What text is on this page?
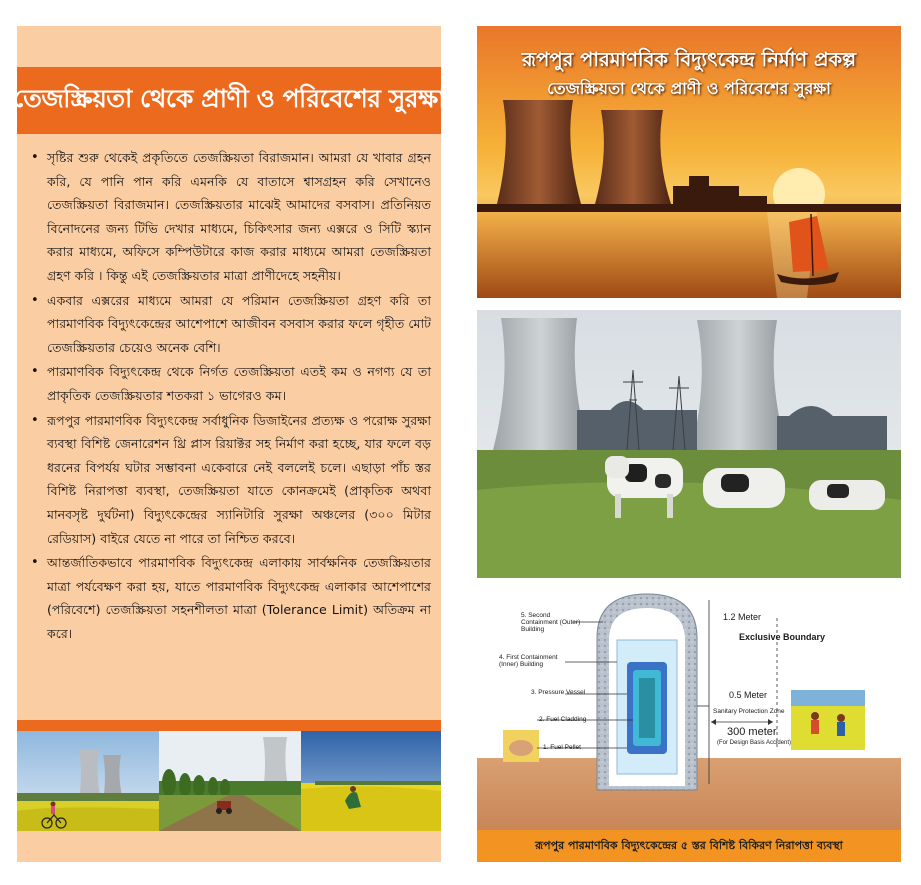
তেজস্ক্রিয়তা থেকে প্রাণী ও পরিবেশের সুরক্ষা
• সৃষ্টির শুরু থেকেই প্রকৃতিতে তেজস্ক্রিয়তা বিরাজমান। আমরা যে খাবার গ্রহন করি, যে পানি পান করি এমনকি যে বাতাসে শ্বাসগ্রহন করি সেখানেও তেজস্ক্রিয়তা বিরাজমান। তেজস্ক্রিয়তার মাঝেই আমাদের বসবাস। প্রতিনিয়ত বিনোদনের জন্য টিভি দেখার মাধ্যমে, চিকিৎসার জন্য এক্সরে ও সিটি স্ক্যান করার মাধ্যমে, অফিসে কম্পিউটারে কাজ করার মাধ্যমে আমরা তেজস্ক্রিয়তা গ্রহণ করি । কিন্তু এই তেজস্ক্রিয়তার মাত্রা প্রাণীদেহে সহনীয়।
• একবার এক্সরের মাধ্যমে আমরা যে পরিমান তেজস্ক্রিয়তা গ্রহণ করি তা পারমাণবিক বিদ্যুৎকেন্দ্রের আশেপাশে আজীবন বসবাস করার ফলে গৃহীত মোট তেজস্ক্রিয়তার চেয়েও অনেক বেশি।
• পারমাণবিক বিদ্যুৎকেন্দ্র থেকে নির্গত তেজস্ক্রিয়তা এতই কম ও নগণ্য যে তা প্রাকৃতিক তেজস্ক্রিয়তার শতকরা ১ ভাগেরও কম।
• রূপপুর পারমাণবিক বিদ্যুৎকেন্দ্র সর্বাধুনিক ডিজাইনের প্রত্যক্ষ ও পরোক্ষ সুরক্ষা ব্যবস্থা বিশিষ্ট জেনারেশন থ্রি প্লাস রিয়াক্টর সহ নির্মাণ করা হচ্ছে, যার ফলে বড় ধরনের বিপর্যয় ঘটার সম্ভাবনা একেবারে নেই বললেই চলে। এছাড়া পাঁচ স্তর বিশিষ্ট নিরাপত্তা ব্যবস্থা, তেজস্ক্রিয়তা যাতে কোনক্রমেই (প্রাকৃতিক অথবা মানবসৃষ্ট দুর্ঘটনা) বিদ্যুৎকেন্দ্রের স্যানিটারি সুরক্ষা অঞ্চলের (৩০০ মিটার রেডিয়াস) বাইরে যেতে না পারে তা নিশ্চিত করবে।
• আন্তর্জাতিকভাবে পারমাণবিক বিদ্যুৎকেন্দ্র এলাকায় সার্বক্ষনিক তেজস্ক্রিয়তার মাত্রা পর্যবেক্ষণ করা হয়, যাতে পারমাণবিক বিদ্যুৎকেন্দ্র এলাকার আশেপাশের (পরিবেশে) তেজস্ক্রিয়তা সহনশীলতা মাত্রা (Tolerance Limit) অতিক্রম না করে।
রূপপুর পারমাণবিক বিদ্যুৎকেন্দ্র নির্মাণ প্রকল্প
তেজস্ক্রিয়তা থেকে প্রাণী ও পরিবেশের সুরক্ষা
5. Second Containment (Outer) Building
4. First Containment (Inner) Building
3. Pressure Vessel
2. Fuel Cladding
1. Fuel Pellet
1.2 Meter
Exclusive Boundary
0.5 Meter
Sanitary Protection Zone
300 meter
(For Design Basis Accident)
রূপপুর পারমাণবিক বিদ্যুৎকেন্দ্রের ৫ স্তর বিশিষ্ট বিকিরণ নিরাপত্তা ব্যবস্থা
